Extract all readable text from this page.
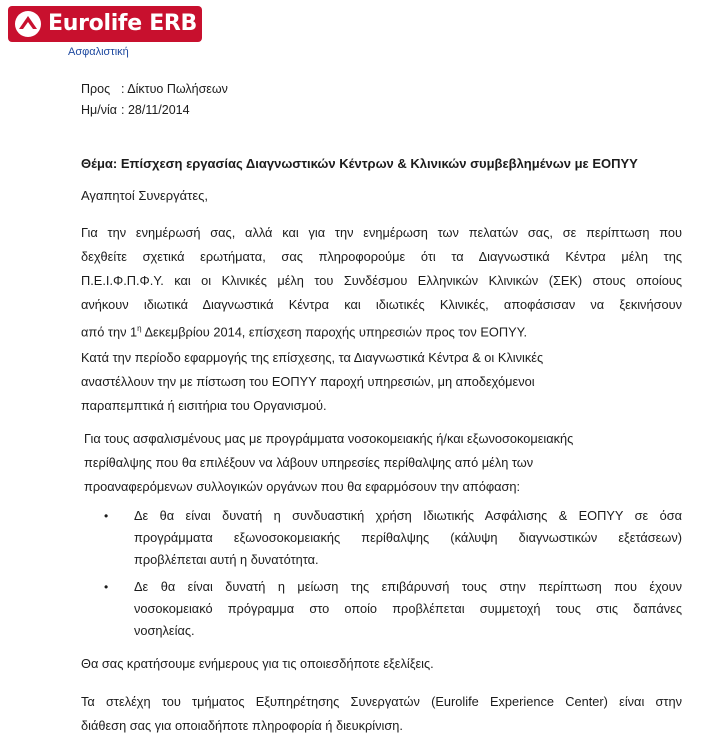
Eurolife ERB
Ασφαλιστική
Προς : Δίκτυο Πωλήσεων
Ημ/νία : 28/11/2014
Θέμα: Επίσχεση εργασίας Διαγνωστικών Κέντρων & Κλινικών συμβεβλημένων με ΕΟΠΥΥ
Αγαπητοί Συνεργάτες,
Για την ενημέρωσή σας, αλλά και για την ενημέρωση των πελατών σας, σε περίπτωση που
δεχθείτε σχετικά ερωτήματα, σας πληροφορούμε ότι τα Διαγνωστικά Κέντρα μέλη της
Π.Ε.Ι.Φ.Π.Φ.Υ. και οι Κλινικές μέλη του Συνδέσμου Ελληνικών Κλινικών (ΣΕΚ) στους οποίους
ανήκουν ιδιωτικά Διαγνωστικά Κέντρα και ιδιωτικές Κλινικές, αποφάσισαν να ξεκινήσουν
από την $1^\eta$ Δεκεμβρίου 2014, επίσχεση παροχής υπηρεσιών προς τον ΕΟΠΥΥ.
Κατά την περίοδο εφαρμογής της επίσχεσης, τα Διαγνωστικά Κέντρα & οι Κλινικές
αναστέλλουν την με πίστωση του ΕΟΠΥΥ παροχή υπηρεσιών, μη αποδεχόμενοι
παραπεμπτικά ή εισιτήρια του Οργανισμού.
Για τους ασφαλισμένους μας με προγράμματα νοσοκομειακής ή/και εξωνοσοκομειακής
περίθαλψης που θα επιλέξουν να λάβουν υπηρεσίες περίθαλψης από μέλη των
προαναφερόμενων συλλογικών οργάνων που θα εφαρμόσουν την απόφαση:
• Δε θα είναι δυνατή η συνδυαστική χρήση Ιδιωτικής Ασφάλισης & ΕΟΠΥΥ σε όσα
προγράμματα εξωνοσοκομειακής περίθαλψης (κάλυψη διαγνωστικών εξετάσεων)
προβλέπεται αυτή η δυνατότητα.
• Δε θα είναι δυνατή η μείωση της επιβάρυνσή τους στην περίπτωση που έχουν
νοσοκομειακό πρόγραμμα στο οποίο προβλέπεται συμμετοχή τους στις δαπάνες
νοσηλείας.
Θα σας κρατήσουμε ενήμερους για τις οποιεσδήποτε εξελίξεις.
Τα στελέχη του τμήματος Εξυπηρέτησης Συνεργατών (Eurolife Experience Center) είναι στην
διάθεση σας για οποιαδήποτε πληροφορία ή διευκρίνιση.
